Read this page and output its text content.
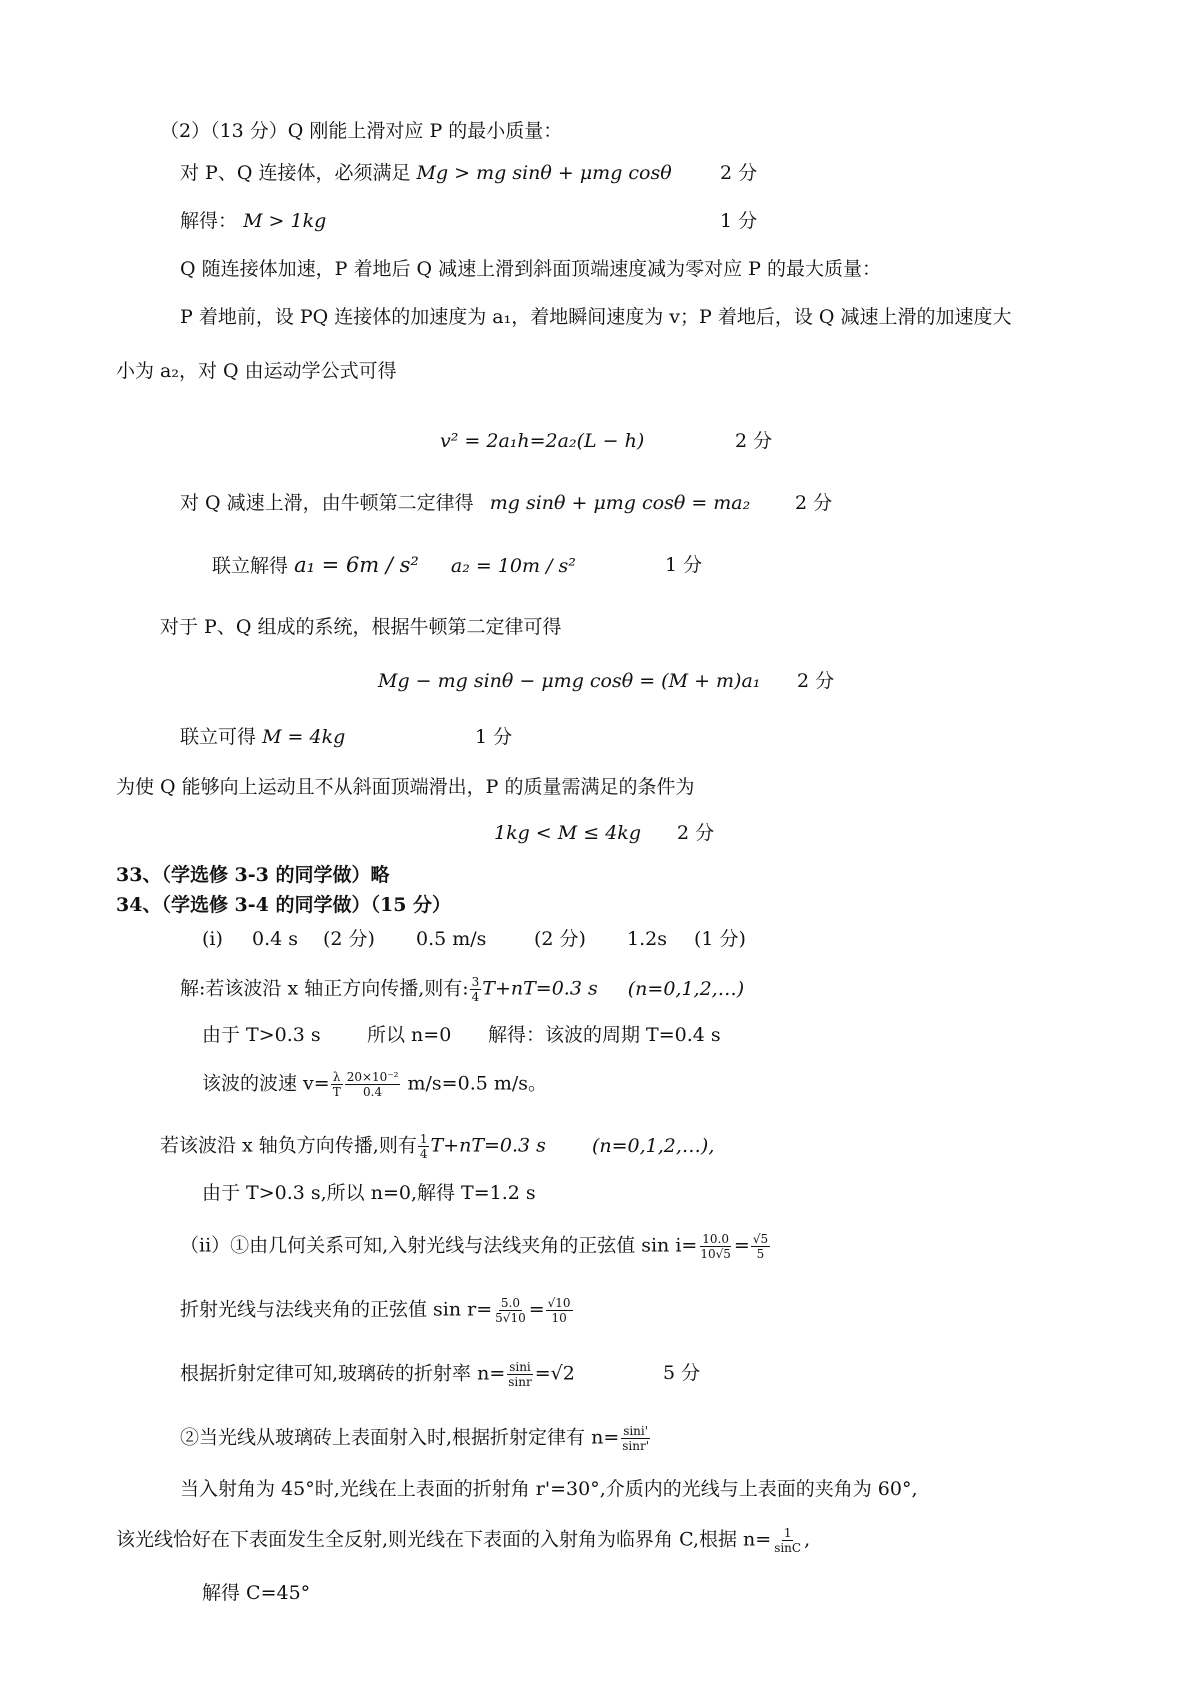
（2）（13 分）Q 刚能上滑对应 P 的最小质量：
对 P、Q 连接体，必须满足 Mg > mg sinθ + μmg cosθ	2 分
解得： M > 1kg	1 分
Q 随连接体加速，P 着地后 Q 减速上滑到斜面顶端速度减为零对应 P 的最大质量：
P 着地前，设 PQ 连接体的加速度为 a₁，着地瞬间速度为 v；P 着地后，设 Q 减速上滑的加速度大
小为 a₂，对 Q 由运动学公式可得
v² = 2a₁h=2a₂(L − h)	2 分
对 Q 减速上滑，由牛顿第二定律得 mg sinθ + μmg cosθ = ma₂ 2 分
联立解得 a₁ = 6m / s² a₂ = 10m / s²	1 分
对于 P、Q 组成的系统，根据牛顿第二定律可得
Mg − mg sinθ − μmg cosθ = (M + m)a₁ 2 分
联立可得 M = 4kg	1 分
为使 Q 能够向上运动且不从斜面顶端滑出，P 的质量需满足的条件为
1kg < M ≤ 4kg 2 分
33、（学选修 3-3 的同学做）略
34、（学选修 3-4 的同学做）（15 分）
(i) 0.4 s (2 分) 0.5 m/s	(2 分) 1.2s (1 分)
解:若该波沿 x 轴正方向传播,则有: $\frac{3}{4} T+nT=0.3$ s (n=0,1,2,…)
由于 T>0.3 s 所以 n=0 解得：该波的周期 T=0.4 s
该波的波速 $v= \frac{\lambda}{T} \frac{\text{20×10⁻²}}{0.4} m/s=0.5$ m/s。
若该波沿 x 轴负方向传播,则有 $\frac{1}{4} T+nT=0.3$ s (n=0,1,2,…),
由于 T>0.3 s,所以 n=0,解得 T=1.2 s
（ii）①由几何关系可知,入射光线与法线夹角的正弦值 $\sin i= \frac{10.0}{10√5} = \frac{√5}{5}$
折射光线与法线夹角的正弦值 $\sin r= \frac{5.0}{5√10} = \frac{√10}{10}$
根据折射定律可知,玻璃砖的折射率 $n= \frac{\sin i}{\sin r} =√2$	5 分
②当光线从玻璃砖上表面射入时,根据折射定律有 $n= \frac{\sin i'}{\sin r'}$
当入射角为 45°时,光线在上表面的折射角 r'=30°,介质内的光线与上表面的夹角为 60°,
该光线恰好在下表面发生全反射,则光线在下表面的入射角为临界角 C,根据 $n= \frac{1}{\sin C}$ ,
解得 C=45°
